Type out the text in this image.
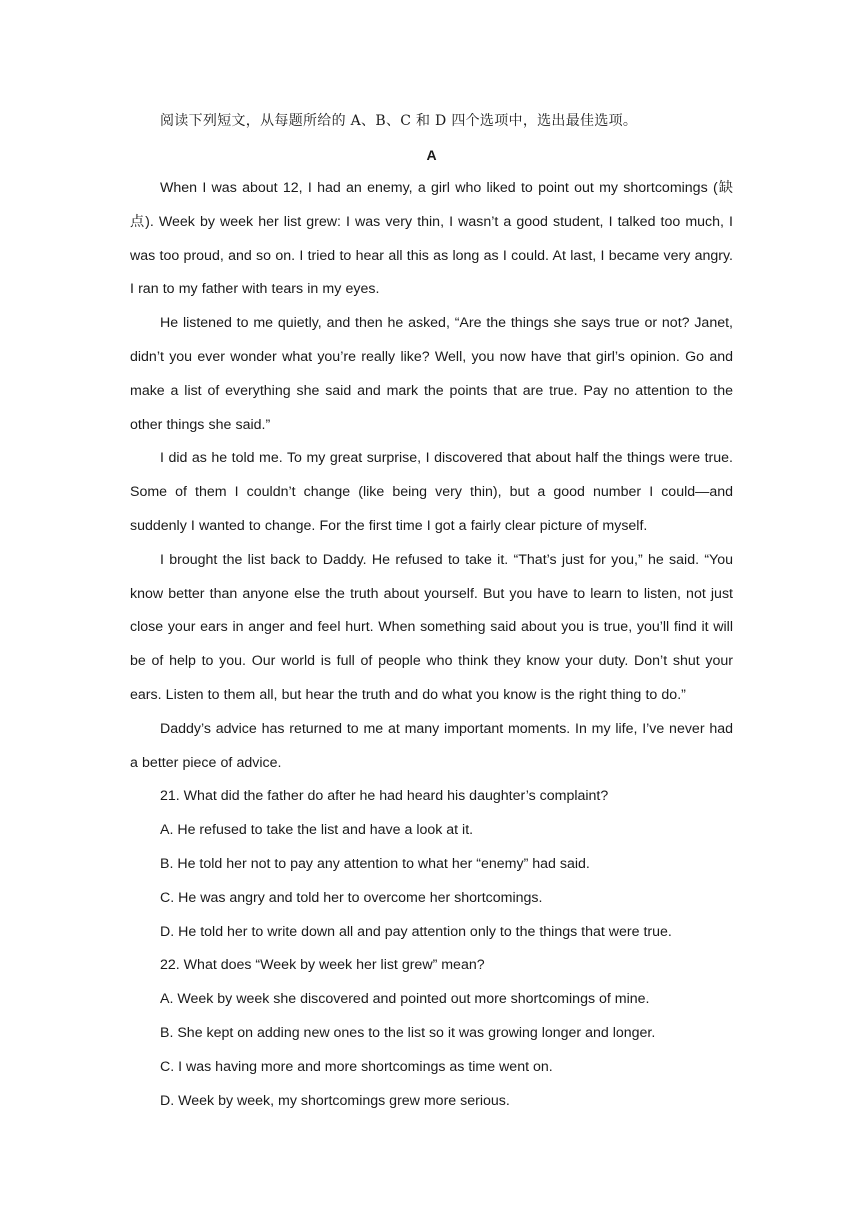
阅读下列短文，从每题所给的 A、B、C 和 D 四个选项中，选出最佳选项。

A

When I was about 12, I had an enemy, a girl who liked to point out my shortcomings (缺点). Week by week her list grew: I was very thin, I wasn’t a good student, I talked too much, I was too proud, and so on. I tried to hear all this as long as I could. At last, I became very angry. I ran to my father with tears in my eyes.

He listened to me quietly, and then he asked, “Are the things she says true or not? Janet, didn’t you ever wonder what you’re really like? Well, you now have that girl’s opinion. Go and make a list of everything she said and mark the points that are true. Pay no attention to the other things she said.”

I did as he told me. To my great surprise, I discovered that about half the things were true. Some of them I couldn’t change (like being very thin), but a good number I could—and suddenly I wanted to change. For the first time I got a fairly clear picture of myself.

I brought the list back to Daddy. He refused to take it. “That’s just for you,” he said. “You know better than anyone else the truth about yourself. But you have to learn to listen, not just close your ears in anger and feel hurt. When something said about you is true, you’ll find it will be of help to you. Our world is full of people who think they know your duty. Don’t shut your ears. Listen to them all, but hear the truth and do what you know is the right thing to do.”

Daddy’s advice has returned to me at many important moments. In my life, I’ve never had a better piece of advice.

21. What did the father do after he had heard his daughter’s complaint?

A. He refused to take the list and have a look at it.

B. He told her not to pay any attention to what her “enemy” had said.

C. He was angry and told her to overcome her shortcomings.

D. He told her to write down all and pay attention only to the things that were true.

22. What does “Week by week her list grew” mean?

A. Week by week she discovered and pointed out more shortcomings of mine.

B. She kept on adding new ones to the list so it was growing longer and longer.

C. I was having more and more shortcomings as time went on.

D. Week by week, my shortcomings grew more serious.
